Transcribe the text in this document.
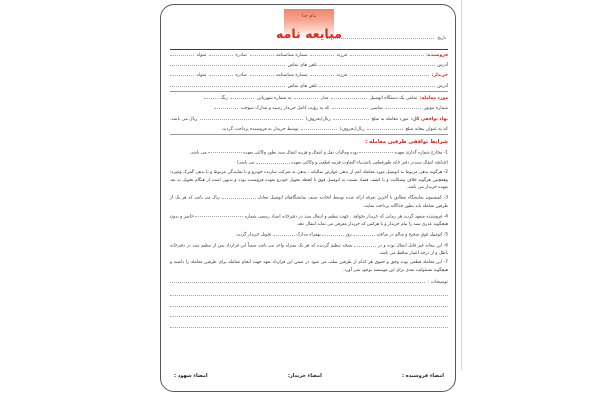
بنام خدا
مبایعه نامه	تاریخ
فروشنده:
فرزند
شماره شناسنامه
صادره
متولد
آدرس
تلفن های تماس
خریدار:
فرزند
شماره شناسنامه
صادره
متولد
آدرس
تلفن های تماس
مورد معامله:
تمامی یک دستگاه اتومبیل
مدل
به شماره شهربانی
رنگ
شماره موتور
شاسی
که به رؤیت کامل خریدار رسید و مدارک سوخت
بهاء توافقی کل:
مورد معامله به مبلغ
ریال(بحروف)
ریال می باشد.
که به عنوان بیعانه مبلغ
ریال(بحروف)
توسط خریدار به فروشنده پرداخت گردید.
شرایط توافقی طرفین معامله :
1- مخارج شماره گذاری بعهده  بوده ومالیات نقل و انتقال و هزینه انتقال سند بطور وکالتی بعهده  می باشد.
(چنانچه انتقال سنددر دفتر خانه طورقطعی باشدبناء التفاوت هزینه قطعی و وکالتی بعهده  می باشد)
2- هرگونه بدهی مربوط به اتومبیل مورد معامله اعم از بدهی عوارض سالیانه ، بدهی به شرکت سازنده خودرو و یا نمایندگی مربوط و یا بدهی گمرک وغیره؛ وهمچنین هرگونه خلاف وشکایت و یا کشف فساد نسبت به اتومبیل فوق تا لحظه تحویل خودرو بعهده فروشنده بوده و بدیهی است از هنگام تحویل به بعد بعهده خریدار می باشد.
3- کمیسیون نمایشگاه مطابق با آخرین تعرفه ارائه شده توسط اتحادیه صنف نمایشگاهیان اتومبیل معادل  ریال می باشد که هر یک از طرفین معامله باید بطور جداگانه پرداخت نمایند.
4- فروشنده متعهد گردید هر زمانی که خریدار بخواهد ، جهت تنظیم و انتقال سند در دفترخانه اسناد رسمی شماره  حاضر و بدون هیچگونه عذری سند را بنام خریدار و یا هرکس که خریدار معرفی می نماید انتقال دهد.
5- اتومبیل فوق صحیح و سالم در ساعت  روز  بهمراه مدارک  تحویل خریدار گردید.
6- این بیعانه غیر قابل انتقال بوده و در  نسخه تنظیم گردیده که هر یک بمنزله واحد می باشد ضمناً این قرارداد پس از تنظیم سند در دفترخانه باطل و از درجه اعتبار ساقط می باشد.
7- این معامله قطعی بوده وحق و حقوق هر کدام از طرفین سلب می شود در ضمن این قرارداد تعهد جهت انجام معامله برای طرفین معامله را داشته و هیچگونه مسئولیت بعدی برای این موسسه بوجود نمی آورد.
توضیحات :
امضاء فروشنده :
امضاء خریدار:
امضاء شهود :
